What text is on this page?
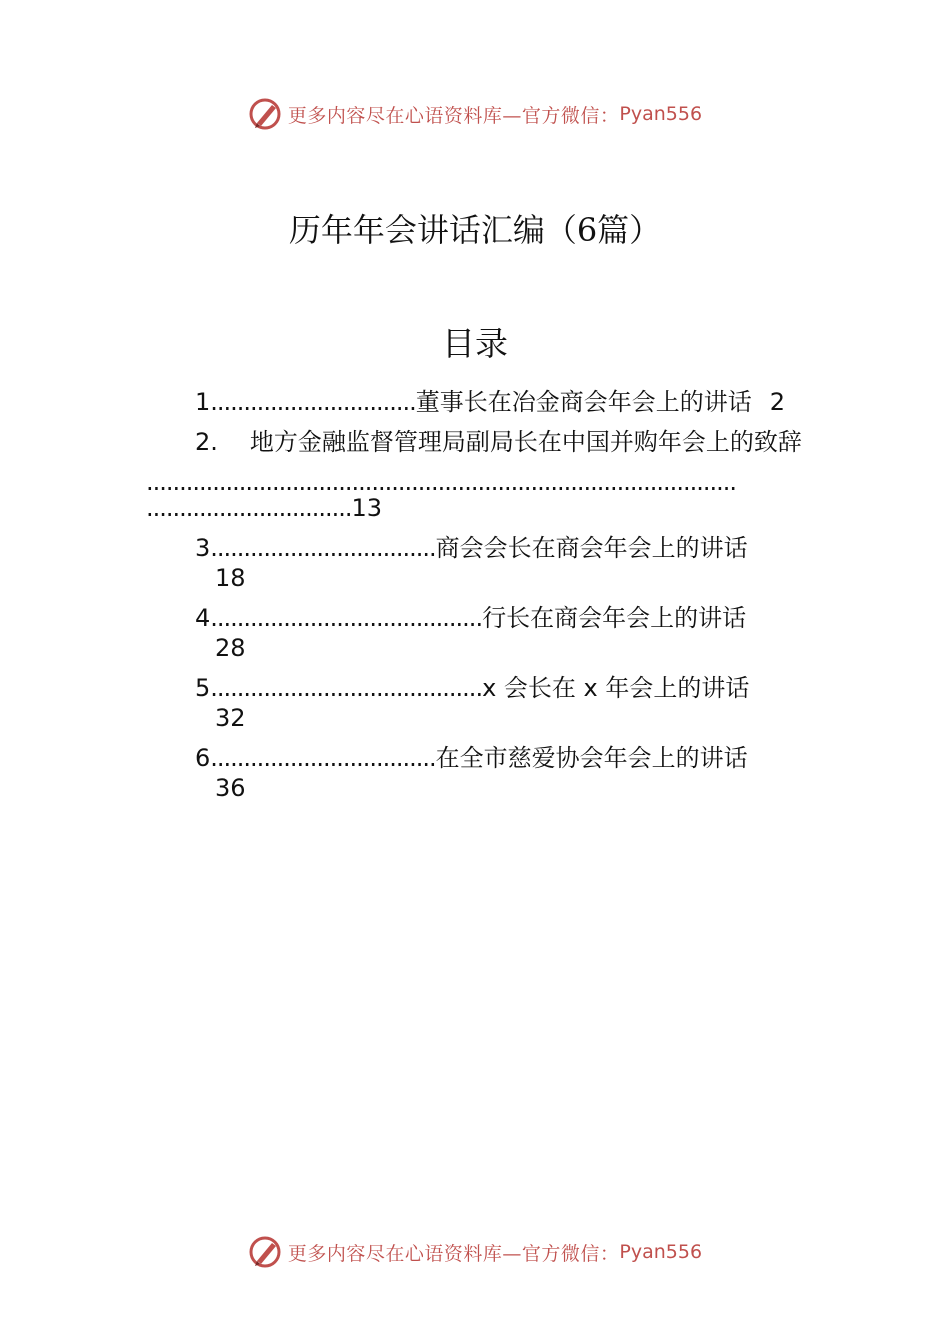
更多内容尽在心语资料库—官方微信： Pyan556
历年年会讲话汇编（6篇）
目录
1...............................董事长在冶金商会年会上的讲话 2
2. 地方金融监督管理局副局长在中国并购年会上的致辞
.........................................................................................
...............................13
3..................................商会会长在商会年会上的讲话
18
4.........................................行长在商会年会上的讲话
28
5.........................................x 会长在 x 年会上的讲话
32
6..................................在全市慈爱协会年会上的讲话
36
更多内容尽在心语资料库—官方微信： Pyan556
